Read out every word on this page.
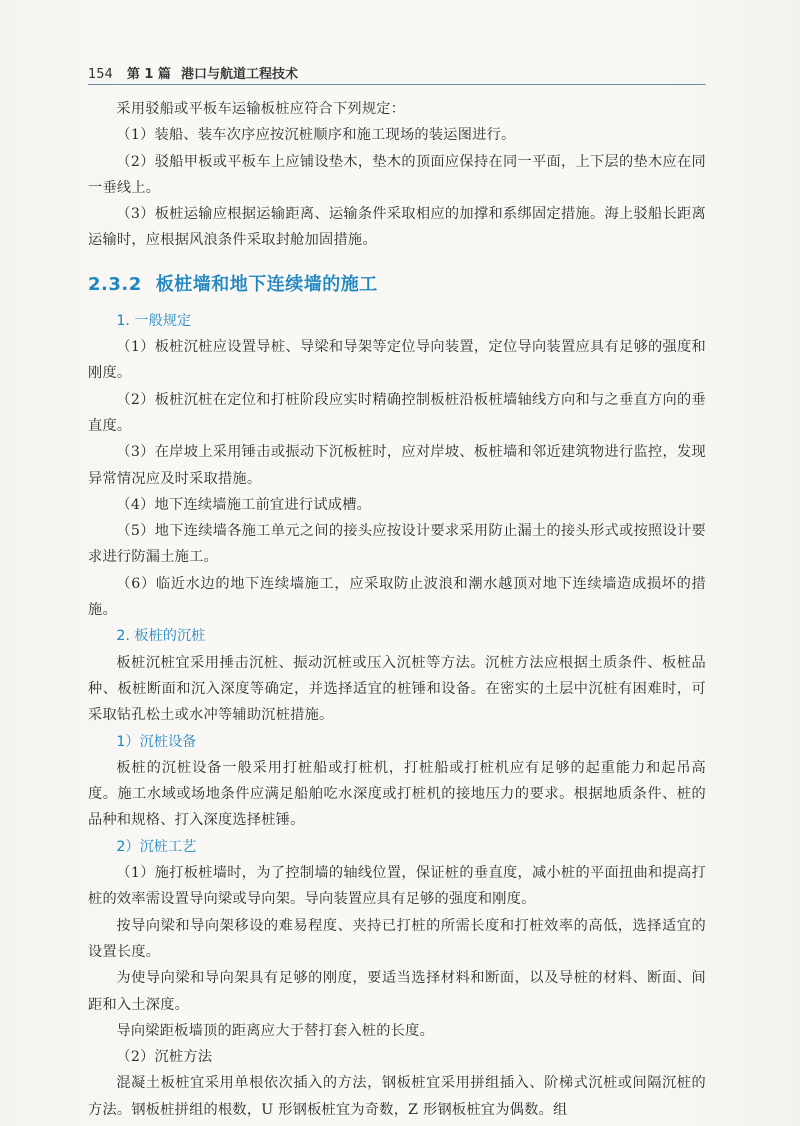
154 第 1 篇 港口与航道工程技术

采用驳船或平板车运输板桩应符合下列规定：

（1）装船、装车次序应按沉桩顺序和施工现场的装运图进行。

（2）驳船甲板或平板车上应铺设垫木，垫木的顶面应保持在同一平面，上下层的垫木应在同一垂线上。

（3）板桩运输应根据运输距离、运输条件采取相应的加撑和系绑固定措施。海上驳船长距离运输时，应根据风浪条件采取封舱加固措施。

2.3.2 板桩墙和地下连续墙的施工

1. 一般规定

（1）板桩沉桩应设置导桩、导梁和导架等定位导向装置，定位导向装置应具有足够的强度和刚度。

（2）板桩沉桩在定位和打桩阶段应实时精确控制板桩沿板桩墙轴线方向和与之垂直方向的垂直度。

（3）在岸坡上采用锤击或振动下沉板桩时，应对岸坡、板桩墙和邻近建筑物进行监控，发现异常情况应及时采取措施。

（4）地下连续墙施工前宜进行试成槽。

（5）地下连续墙各施工单元之间的接头应按设计要求采用防止漏土的接头形式或按照设计要求进行防漏土施工。

（6）临近水边的地下连续墙施工，应采取防止波浪和潮水越顶对地下连续墙造成损坏的措施。

2. 板桩的沉桩

板桩沉桩宜采用捶击沉桩、振动沉桩或压入沉桩等方法。沉桩方法应根据土质条件、板桩品种、板桩断面和沉入深度等确定，并选择适宜的桩锤和设备。在密实的土层中沉桩有困难时，可采取钻孔松土或水冲等辅助沉桩措施。

1）沉桩设备

板桩的沉桩设备一般采用打桩船或打桩机，打桩船或打桩机应有足够的起重能力和起吊高度。施工水域或场地条件应满足船舶吃水深度或打桩机的接地压力的要求。根据地质条件、桩的品种和规格、打入深度选择桩锤。

2）沉桩工艺

（1）施打板桩墙时，为了控制墙的轴线位置，保证桩的垂直度，减小桩的平面扭曲和提高打桩的效率需设置导向梁或导向架。导向装置应具有足够的强度和刚度。

按导向梁和导向架移设的难易程度、夹持已打桩的所需长度和打桩效率的高低，选择适宜的设置长度。

为使导向梁和导向架具有足够的刚度，要适当选择材料和断面，以及导桩的材料、断面、间距和入土深度。

导向梁距板墙顶的距离应大于替打套入桩的长度。

（2）沉桩方法

混凝土板桩宜采用单根依次插入的方法，钢板桩宜采用拼组插入、阶梯式沉桩或间隔沉桩的方法。钢板桩拼组的根数，U 形钢板桩宜为奇数，Z 形钢板桩宜为偶数。组
